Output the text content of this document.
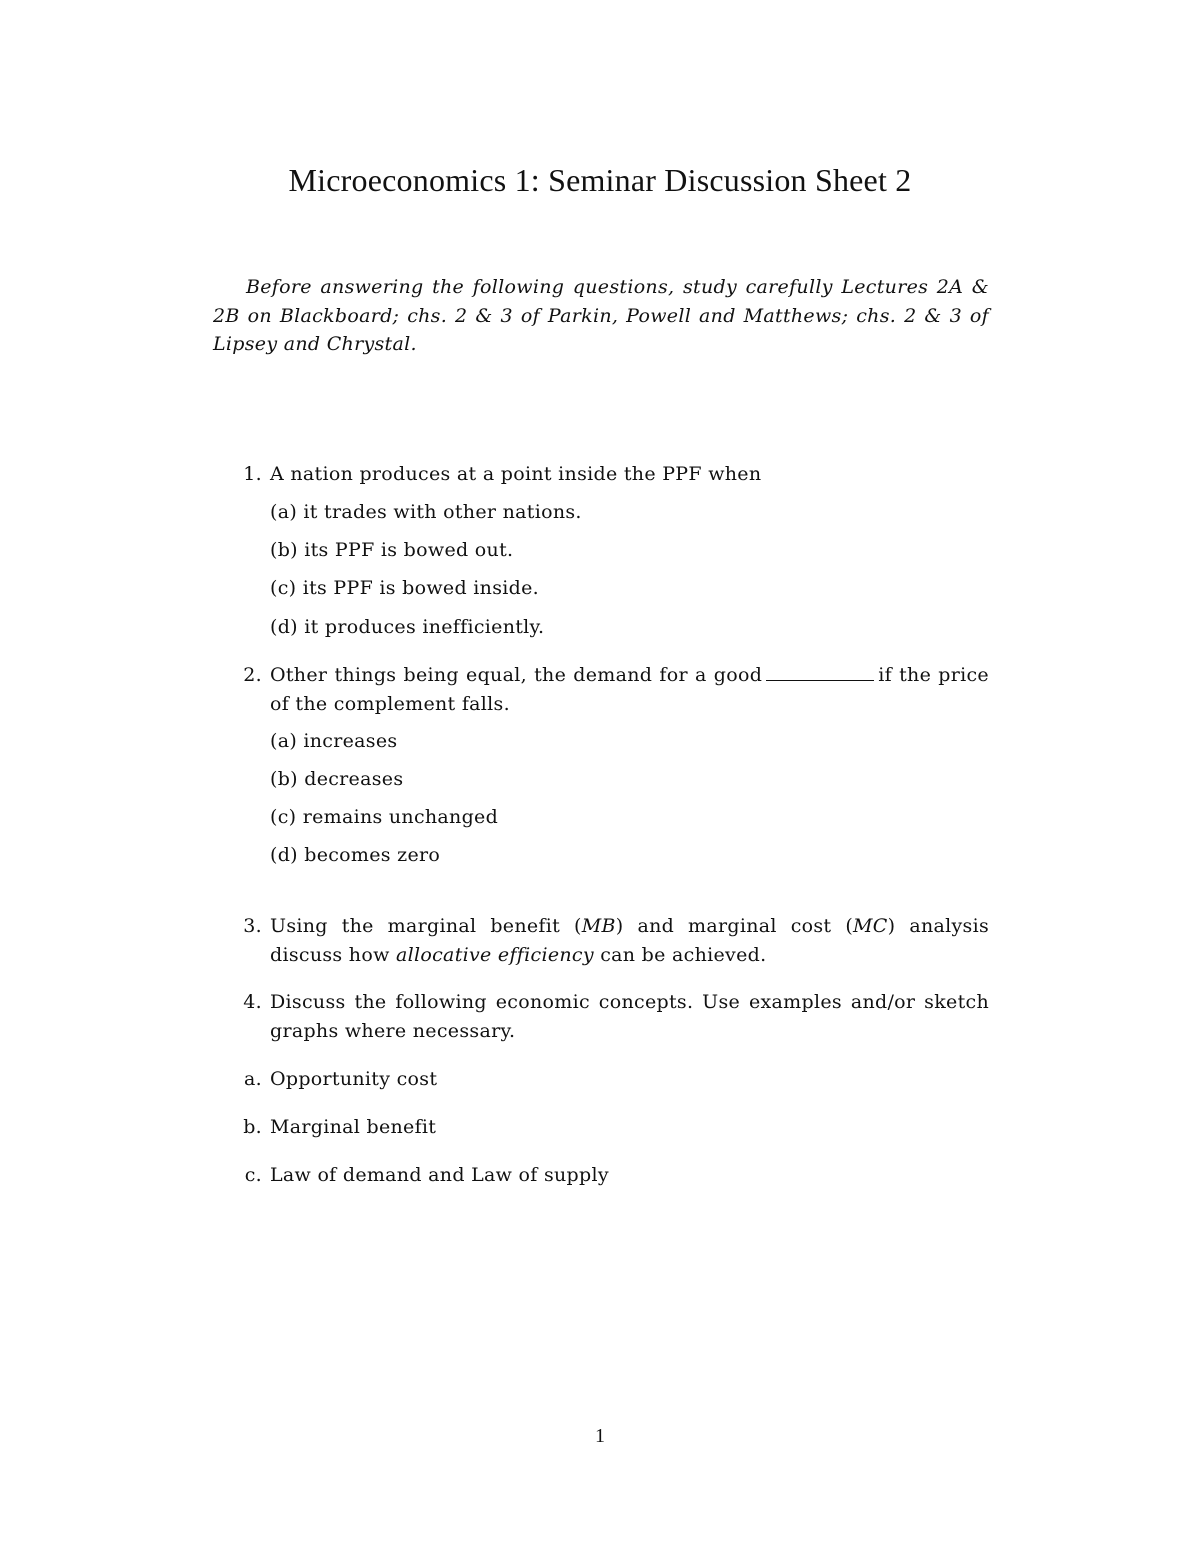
Microeconomics 1: Seminar Discussion Sheet 2
Before answering the following questions, study carefully Lectures 2A & 2B on Blackboard; chs. 2 & 3 of Parkin, Powell and Matthews; chs. 2 & 3 of Lipsey and Chrystal.
1. A nation produces at a point inside the PPF when
(a) it trades with other nations.
(b) its PPF is bowed out.
(c) its PPF is bowed inside.
(d) it produces inefficiently.
2. Other things being equal, the demand for a good	if the price of the complement falls.
(a) increases
(b) decreases
(c) remains unchanged
(d) becomes zero
3. Using the marginal benefit (MB) and marginal cost (MC) analysis discuss how allocative efficiency can be achieved.
4. Discuss the following economic concepts. Use examples and/or sketch graphs where necessary.
a. Opportunity cost
b. Marginal benefit
c. Law of demand and Law of supply
1
